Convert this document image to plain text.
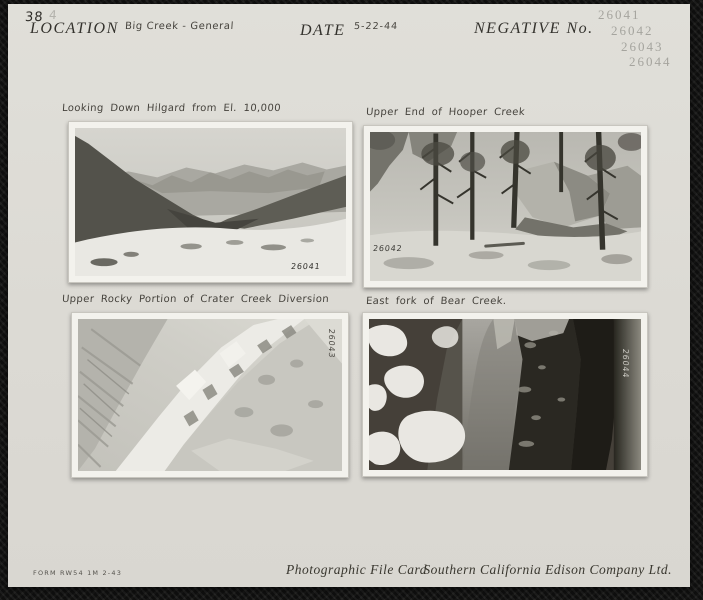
38 4
LOCATION Big Creek - General	DATE 5-22-44	NEGATIVE No.
26041
26042
26043
26044
Looking Down Hilgard from El. 10,000	Upper End of Hooper Creek
Upper Rocky Portion of Crater Creek Diversion	East fork of Bear Creek.
26041
26042
26043
26044
FORM RW54 1M 2-43	Photographic File Card
Southern California Edison Company Ltd.
